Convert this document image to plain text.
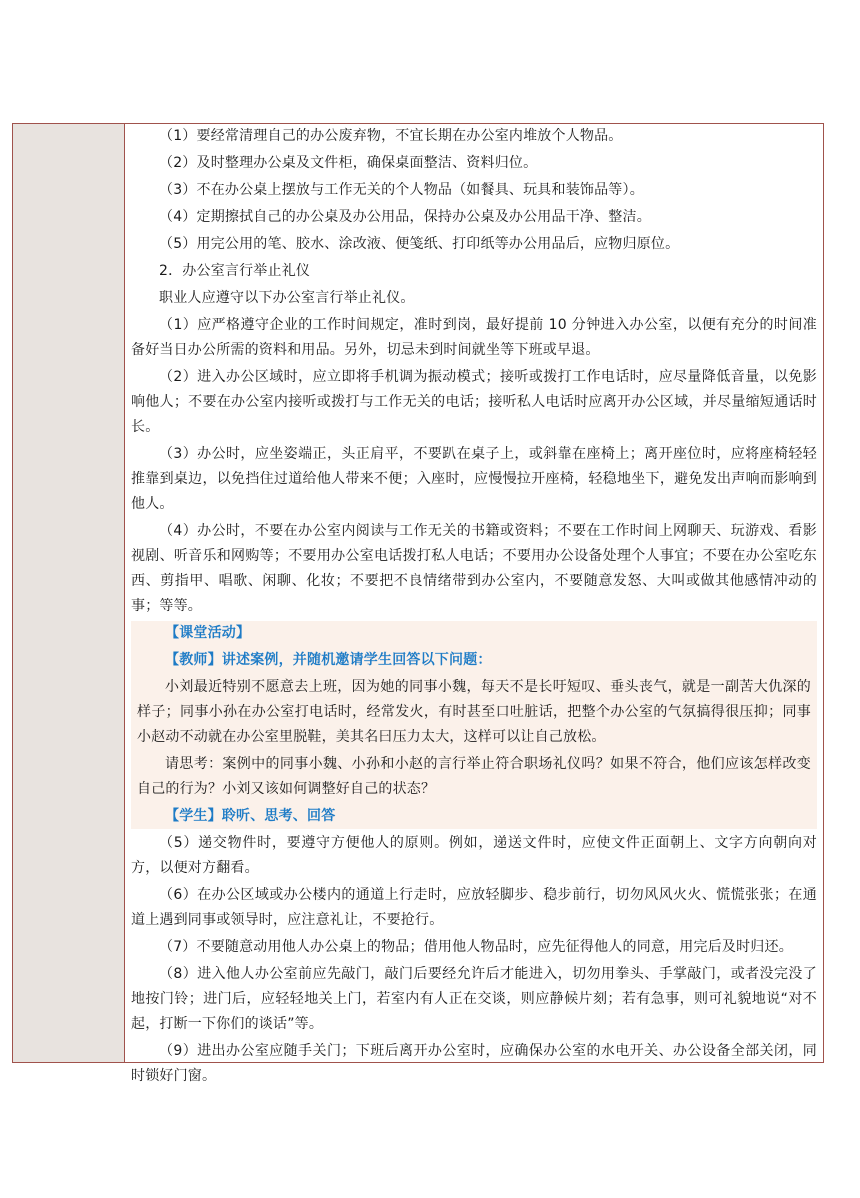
（1）要经常清理自己的办公废弃物，不宜长期在办公室内堆放个人物品。

（2）及时整理办公桌及文件柜，确保桌面整洁、资料归位。

（3）不在办公桌上摆放与工作无关的个人物品（如餐具、玩具和装饰品等）。

（4）定期擦拭自己的办公桌及办公用品，保持办公桌及办公用品干净、整洁。

（5）用完公用的笔、胶水、涂改液、便笺纸、打印纸等办公用品后，应物归原位。

2．办公室言行举止礼仪

职业人应遵守以下办公室言行举止礼仪。

（1）应严格遵守企业的工作时间规定，准时到岗，最好提前 10 分钟进入办公室，以便有充分的时间准备好当日办公所需的资料和用品。另外，切忌未到时间就坐等下班或早退。

（2）进入办公区域时，应立即将手机调为振动模式；接听或拨打工作电话时，应尽量降低音量，以免影响他人；不要在办公室内接听或拨打与工作无关的电话；接听私人电话时应离开办公区域，并尽量缩短通话时长。

（3）办公时，应坐姿端正，头正肩平，不要趴在桌子上，或斜靠在座椅上；离开座位时，应将座椅轻轻推靠到桌边，以免挡住过道给他人带来不便；入座时，应慢慢拉开座椅，轻稳地坐下，避免发出声响而影响到他人。

（4）办公时，不要在办公室内阅读与工作无关的书籍或资料；不要在工作时间上网聊天、玩游戏、看影视剧、听音乐和网购等；不要用办公室电话拨打私人电话；不要用办公设备处理个人事宜；不要在办公室吃东西、剪指甲、唱歌、闲聊、化妆；不要把不良情绪带到办公室内，不要随意发怒、大叫或做其他感情冲动的事；等等。

【课堂活动】

【教师】讲述案例，并随机邀请学生回答以下问题：

小刘最近特别不愿意去上班，因为她的同事小魏，每天不是长吁短叹、垂头丧气，就是一副苦大仇深的样子；同事小孙在办公室打电话时，经常发火，有时甚至口吐脏话，把整个办公室的气氛搞得很压抑；同事小赵动不动就在办公室里脱鞋，美其名曰压力太大，这样可以让自己放松。

请思考：案例中的同事小魏、小孙和小赵的言行举止符合职场礼仪吗？如果不符合，他们应该怎样改变自己的行为？小刘又该如何调整好自己的状态？

【学生】聆听、思考、回答

（5）递交物件时，要遵守方便他人的原则。例如，递送文件时，应使文件正面朝上、文字方向朝向对方，以便对方翻看。

（6）在办公区域或办公楼内的通道上行走时，应放轻脚步、稳步前行，切勿风风火火、慌慌张张；在通道上遇到同事或领导时，应注意礼让，不要抢行。

（7）不要随意动用他人办公桌上的物品；借用他人物品时，应先征得他人的同意，用完后及时归还。

（8）进入他人办公室前应先敲门，敲门后要经允许后才能进入，切勿用拳头、手掌敲门，或者没完没了地按门铃；进门后，应轻轻地关上门，若室内有人正在交谈，则应静候片刻；若有急事，则可礼貌地说“对不起，打断一下你们的谈话”等。

（9）进出办公室应随手关门；下班后离开办公室时，应确保办公室的水电开关、办公设备全部关闭，同时锁好门窗。
